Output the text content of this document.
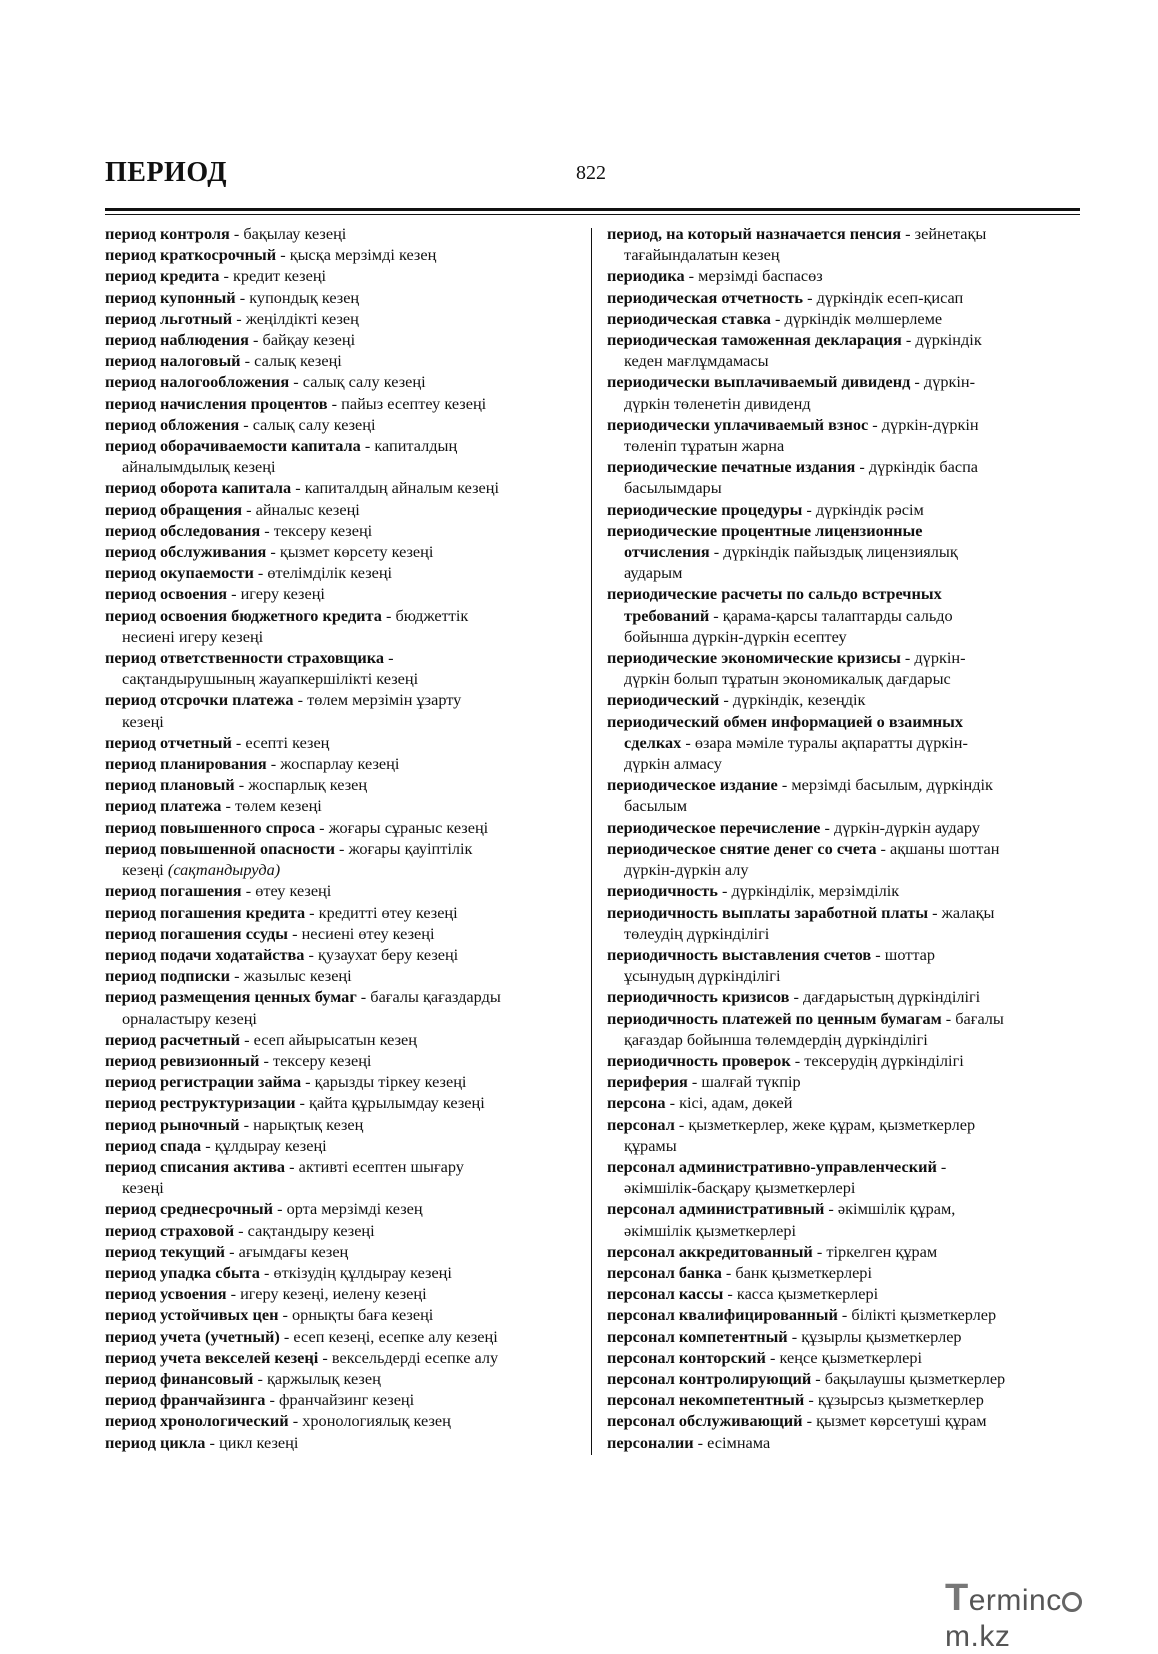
ПЕРИОД	822
период контроля - бақылау кезеңі
период краткосрочный - қысқа мерзімді кезең
период кредита - кредит кезеңі
период купонный - купондық кезең
период льготный - жеңілдікті кезең
период наблюдения - байқау кезеңі
период налоговый - салық кезеңі
период налогообложения - салық салу кезеңі
период начисления процентов - пайыз есептеу кезеңі
период обложения - салық салу кезеңі
период оборачиваемости капитала - капиталдың
айналымдылық кезеңі
период оборота капитала - капиталдың айналым кезеңі
период обращения - айналыс кезеңі
период обследования - тексеру кезеңі
период обслуживания - қызмет көрсету кезеңі
период окупаемости - өтелімділік кезеңі
период освоения - игеру кезеңі
период освоения бюджетного кредита - бюджеттік
несиені игеру кезеңі
период ответственности страховщика -
сақтандырушының жауапкершілікті кезеңі
период отсрочки платежа - төлем мерзімін ұзарту
кезеңі
период отчетный - есепті кезең
период планирования - жоспарлау кезеңі
период плановый - жоспарлық кезең
период платежа - төлем кезеңі
период повышенного спроса - жоғары сұраныс кезеңі
период повышенной опасности - жоғары қауіптілік
кезеңі (сақтандыруда)
период погашения - өтеу кезеңі
период погашения кредита - кредитті өтеу кезеңі
период погашения ссуды - несиені өтеу кезеңі
период подачи ходатайства - қузаухат беру кезеңі
период подписки - жазылыс кезеңі
период размещения ценных бумаг - бағалы қағаздарды
орналастыру кезеңі
период расчетный - есеп айырысатын кезең
период ревизионный - тексеру кезеңі
период регистрации займа - қарызды тіркеу кезеңі
период реструктуризации - қайта құрылымдау кезеңі
период рыночный - нарықтық кезең
период спада - құлдырау кезеңі
период списания актива - активті есептен шығару
кезеңі
период среднесрочный - орта мерзімді кезең
период страховой - сақтандыру кезеңі
период текущий - ағымдағы кезең
период упадка сбыта - өткізудің құлдырау кезеңі
период усвоения - игеру кезеңі, иелену кезеңі
период устойчивых цен - орнықты баға кезеңі
период учета (учетный) - есеп кезеңі, есепке алу кезеңі
период учета векселей кезеңі - вексельдерді есепке алу
период финансовый - қаржылық кезең
период франчайзинга - франчайзинг кезеңі
период хронологический - хронологиялық кезең
период цикла - цикл кезеңі
период, на который назначается пенсия - зейнетақы
тағайындалатын кезең
периодика - мерзімді баспасөз
периодическая отчетность - дүркіндік есеп-қисап
периодическая ставка - дүркіндік мөлшерлеме
периодическая таможенная декларация - дүркіндік
кеден мағлұмдамасы
периодически выплачиваемый дивиденд - дүркін-
дүркін төленетін дивиденд
периодически уплачиваемый взнос - дүркін-дүркін
төленіп тұратын жарна
периодические печатные издания - дүркіндік баспа
басылымдары
периодические процедуры - дүркіндік рәсім
периодические процентные лицензионные
отчисления - дүркіндік пайыздық лицензиялық
аударым
периодические расчеты по сальдо встречных
требований - қарама-қарсы талаптарды сальдо
бойынша дүркін-дүркін есептеу
периодические экономические кризисы - дүркін-
дүркін болып тұратын экономикалық дағдарыс
периодический - дүркіндік, кезеңдік
периодический обмен информацией о взаимных
сделках - өзара мәміле туралы ақпаратты дүркін-
дүркін алмасу
периодическое издание - мерзімді басылым, дүркіндік
басылым
периодическое перечисление - дүркін-дүркін аудару
периодическое снятие денег со счета - ақшаны шоттан
дүркін-дүркін алу
периодичность - дүркінділік, мерзімділік
периодичность выплаты заработной платы - жалақы
төлеудің дүркінділігі
периодичность выставления счетов - шоттар
ұсынудың дүркінділігі
периодичность кризисов - дағдарыстың дүркінділігі
периодичность платежей по ценным бумагам - бағалы
қағаздар бойынша төлемдердің дүркінділігі
периодичность проверок - тексерудің дүркінділігі
периферия - шалғай түкпір
персона - кісі, адам, дөкей
персонал - қызметкерлер, жеке құрам, қызметкерлер
құрамы
персонал административно-управленческий -
әкімшілік-басқару қызметкерлері
персонал административный - әкімшілік құрам,
әкімшілік қызметкерлері
персонал аккредитованный - тіркелген құрам
персонал банка - банк қызметкерлері
персонал кассы - касса қызметкерлері
персонал квалифицированный - білікті қызметкерлер
персонал компетентный - құзырлы қызметкерлер
персонал конторский - кеңсе қызметкерлері
персонал контролирующий - бақылаушы қызметкерлер
персонал некомпетентный - құзырсыз қызметкерлер
персонал обслуживающий - қызмет көрсетуші құрам
персоналии - есімнама
Termincm.kz
